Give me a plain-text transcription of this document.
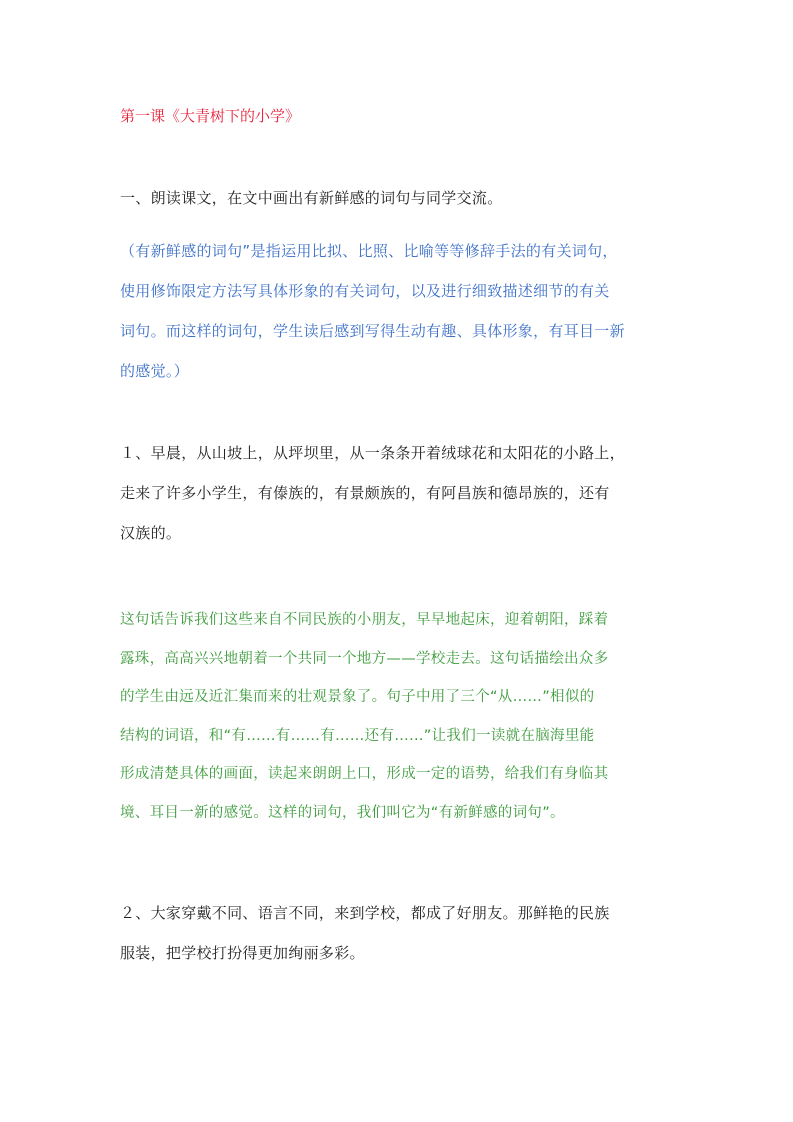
第一课《大青树下的小学》

一、朗读课文，在文中画出有新鲜感的词句与同学交流。

（有新鲜感的词句”是指运用比拟、比照、比喻等等修辞手法的有关词句，

使用修饰限定方法写具体形象的有关词句，以及进行细致描述细节的有关

词句。而这样的词句，学生读后感到写得生动有趣、具体形象，有耳目一新

的感觉。）

１、早晨，从山坡上，从坪坝里，从一条条开着绒球花和太阳花的小路上，

走来了许多小学生，有傣族的，有景颇族的，有阿昌族和德昂族的，还有

汉族的。

这句话告诉我们这些来自不同民族的小朋友，早早地起床，迎着朝阳，踩着

露珠，高高兴兴地朝着一个共同一个地方——学校走去。这句话描绘出众多

的学生由远及近汇集而来的壮观景象了。句子中用了三个“从……”相似的

结构的词语，和“有……有……有……还有……”让我们一读就在脑海里能

形成清楚具体的画面，读起来朗朗上口，形成一定的语势，给我们有身临其

境、耳目一新的感觉。这样的词句，我们叫它为“有新鲜感的词句”。

２、大家穿戴不同、语言不同，来到学校，都成了好朋友。那鲜艳的民族

服装，把学校打扮得更加绚丽多彩。
